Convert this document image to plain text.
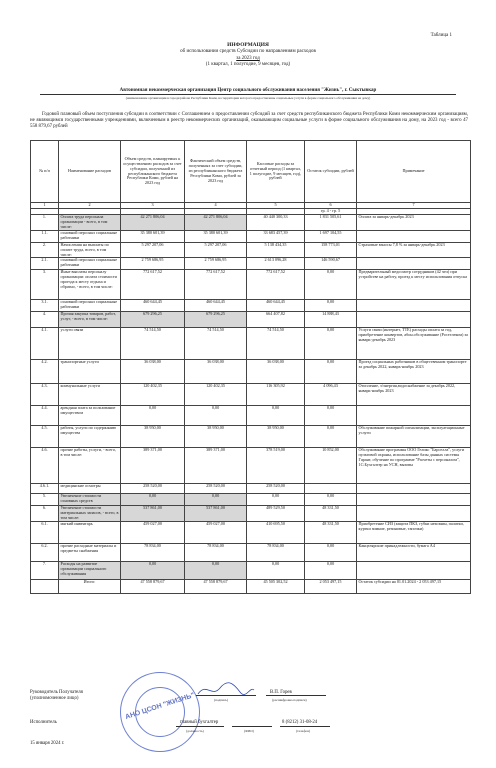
Таблица 1
ИНФОРМАЦИЯ
об использовании средств Субсидии по направлениям расходов
за 2023 год
(1 квартал, 1 полугодие, 9 месяцев, год)
Автономная некоммерческая организация Центр социального обслуживания населения "Жизнь", г. Сыктывкар
(наименование организации в городе/районе Республики Коми, на территории которого предоставлены социальные услуги в форме социального обслуживания на дому)
Годовой плановый объем поступления субсидии в соответствии с Соглашением о предоставлении субсидий за счет средств республиканского бюджета Республики Коми некоммерческим организациям, не являющимся государственными учреждениями, включенным в реестр некоммерческих организаций, оказывающим социальные услуги в форме социального обслуживания на дому, на 2023 год - всего 47 558 879,67 рублей
№ п/п	Наименование расходов	Объем средств, планируемых к осуществлению расходов за счет субсидии, полученной из республиканского бюджета Республики Коми, рублей на 2023 год	Фактический объем средств, полученных за счет субсидии, из республиканского бюджета Республики Коми, рублей за 2023 год	Кассовые расходы за отчетный период (1 квартал, 1 полугодие, 9 месяцев, год), рублей	Остаток субсидии, рублей	Примечание
1	2	3	4	5	6	7
					гр. 4 - гр. 5	
1.	Оплата труда персонала организации - всего, в том числе:	42 271 806,04	42 271 806,04	40 440 300,33	1 831 505,61	Оплата за январь-декабрь 2023
1.1.	основной персонал социальные работники	35 380 601,39	35 380 601,39	33 683 457,39	1 697 104,55	
2.	Начисления на выплаты по оплате труда, всего, в том числе:	5 297 207,06	5 297 207,06	5 138 434,35	158 773,01	Страховые взносы 7,8 % за январь-декабрь 2023
2.1.	основной персонал социальные работники	2 759 686,95	2 759 686,95	2 613 096,28	146 590,67	
3.	Иные выплаты персоналу организации: оплата стоимости проезда к месту отдыха и обратно, - всего, в том числе:	772 617,52	772 617,52	772 617,52	0,00	Предварительный медосмотр сотрудников (42 чел) при устройстве на работу, проезд к месту использования отпуска
3.1.	основной персонал социальные работники	460 644,45	460 644,45	460 644,45	0,00	
4.	Прочая закупка товаров, работ, услуг, - всего, в том числе:	679 296,25	679 296,25	664 407,82	14 888,43	
4.1.	услуги связи	74 514,50	74 514,50	74 514,50	0,00	Услуги связи (интернет, ТТЕ) расходы оплата за год, приобретение конвертов, абон.обслуживание (Ростелеком) за январь-декабрь 2023
4.2.	транспортные услуги	36 038,00	36 038,00	36 038,00	0,00	Проезд социальных работников в общественном транспорте за декабрь 2022, январь-ноябрь 2023
4.3.	коммунальные услуги	120 402,35	120 402,35	116 305,92	4 096,43	Отопление, э/энергия,водоснабжение за декабрь 2022, январь-ноябрь 2023
4.4.	арендная плата за пользование имуществом	0,00	0,00	0,00	0,00	
4.5.	работы, услуги по содержанию имущества	38 950,00	38 950,00	38 950,00	0,00	Обслуживание пожарной сигнализации, эксплуатационные услуги
4.6.	прочие работы, услуги, - всего, в том числе:	389 371,00	389 371,00	378 519,00	10 852,00	Обслуживание программы ООО Геликс "Барселла", услуги пультовой охраны, использование базы данных системы Гарант, обучение по программе "Расчеты с персоналом", 1С:Бухгалтер на УСН, вызовы
4.6.1.	медицинские осмотры	258 520,00	258 520,00	258 520,00		
5.	Увеличение стоимости основных средств	0,00	0,00	0,00	0,00	
6.	Увеличение стоимости материальных запасов, - всего, в том числе:	537 861,00	537 861,00	489 529,50	48 331,50	
6.1.	мягкий инвентарь	459 027,00	459 027,00	410 695,50	48 331,50	Приобретение СИЗ (защита ПКЗ, губки нехозяин, палатки, куртки зимние, резиновые, тапочки)
6.2.	прочие расходные материалы и предметы снабжения	78 834,00	78 834,00	78 834,00	0,00	Канцелярские принадлежности, бумага А4
7.	Расходы на развитие организации социального обслуживания	0,00	0,00	0,00	0,00	
	Итого:	47 558 879,67	47 558 879,67	45 505 302,52	2 053 497,15	Остаток субсидии на 01.01.2024 - 2 053 497,15
АНО ЦСОН "ЖИЗНЬ"
Руководитель Получателя
(уполномоченное лицо)
В.П. Горев
(подпись)	(расшифровка подписи)
Исполнитель	главный бухгалтер	8 (8212) 31-08-24
(должность)	(ФИО)	(телефон)
15 января 2024 г.
